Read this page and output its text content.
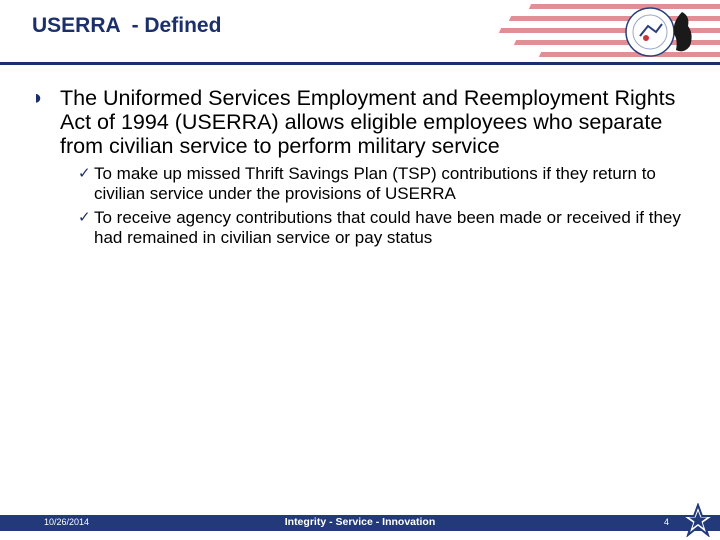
USERRA  - Defined
◗ The Uniformed Services Employment and Reemployment Rights Act of 1994 (USERRA) allows eligible employees who separate from civilian service to perform military service
✓ To make up missed Thrift Savings Plan (TSP) contributions if they return to civilian service under the provisions of USERRA
✓ To receive agency contributions that could have been made or received if they had remained in civilian service or pay status
10/26/2014	Integrity - Service - Innovation	4
